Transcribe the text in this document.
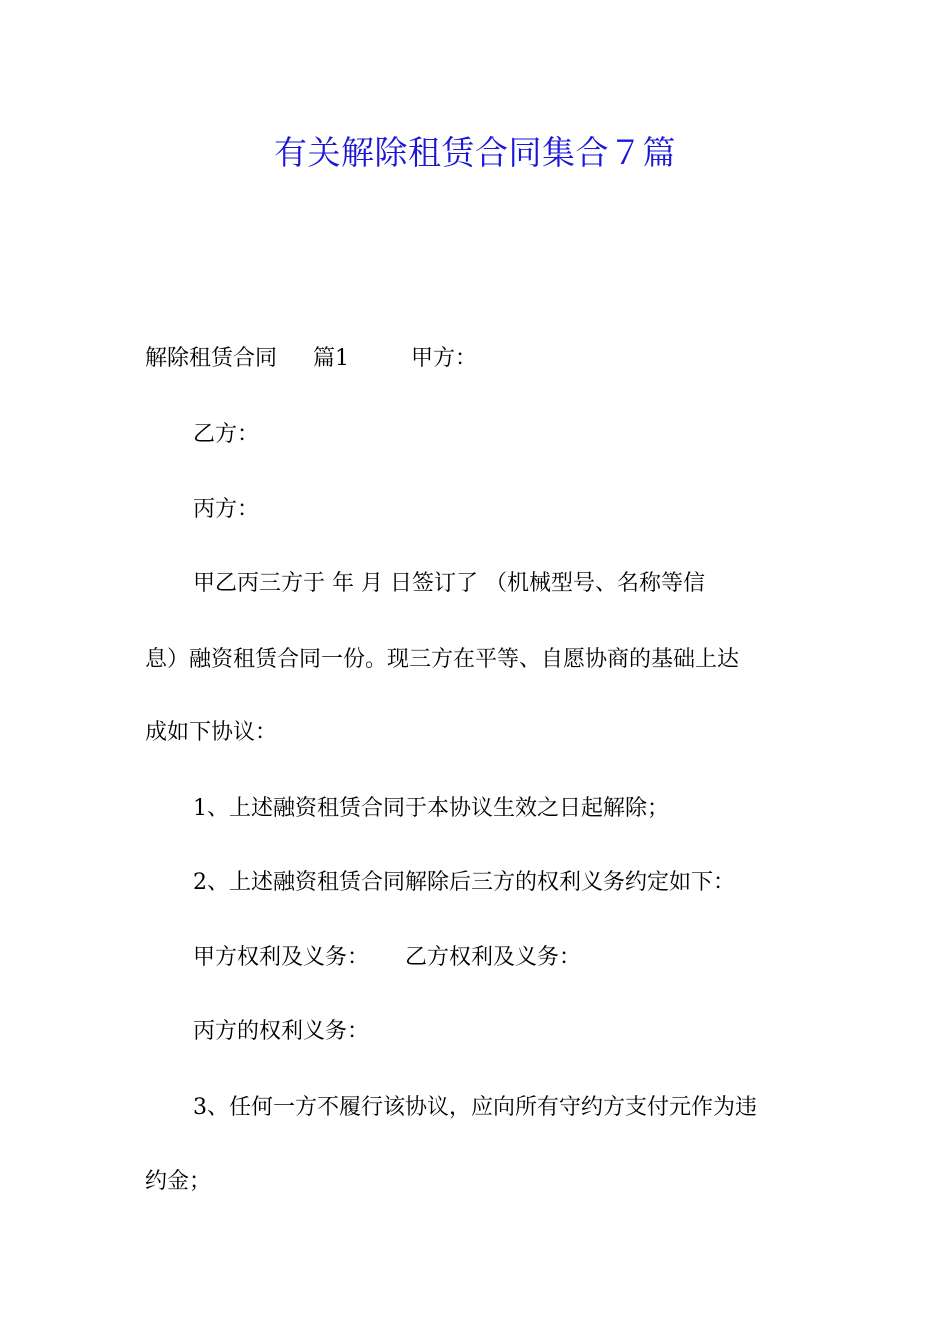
有关解除租赁合同集合７篇
解除租赁合同 篇1	甲方：
乙方：
丙方：
甲乙丙三方于 年 月 日签订了 （机械型号、名称等信
息）融资租赁合同一份。现三方在平等、自愿协商的基础上达
成如下协议：
1、上述融资租赁合同于本协议生效之日起解除；
2、上述融资租赁合同解除后三方的权利义务约定如下：
甲方权利及义务： 乙方权利及义务：
丙方的权利义务：
3、任何一方不履行该协议，应向所有守约方支付元作为违
约金；
